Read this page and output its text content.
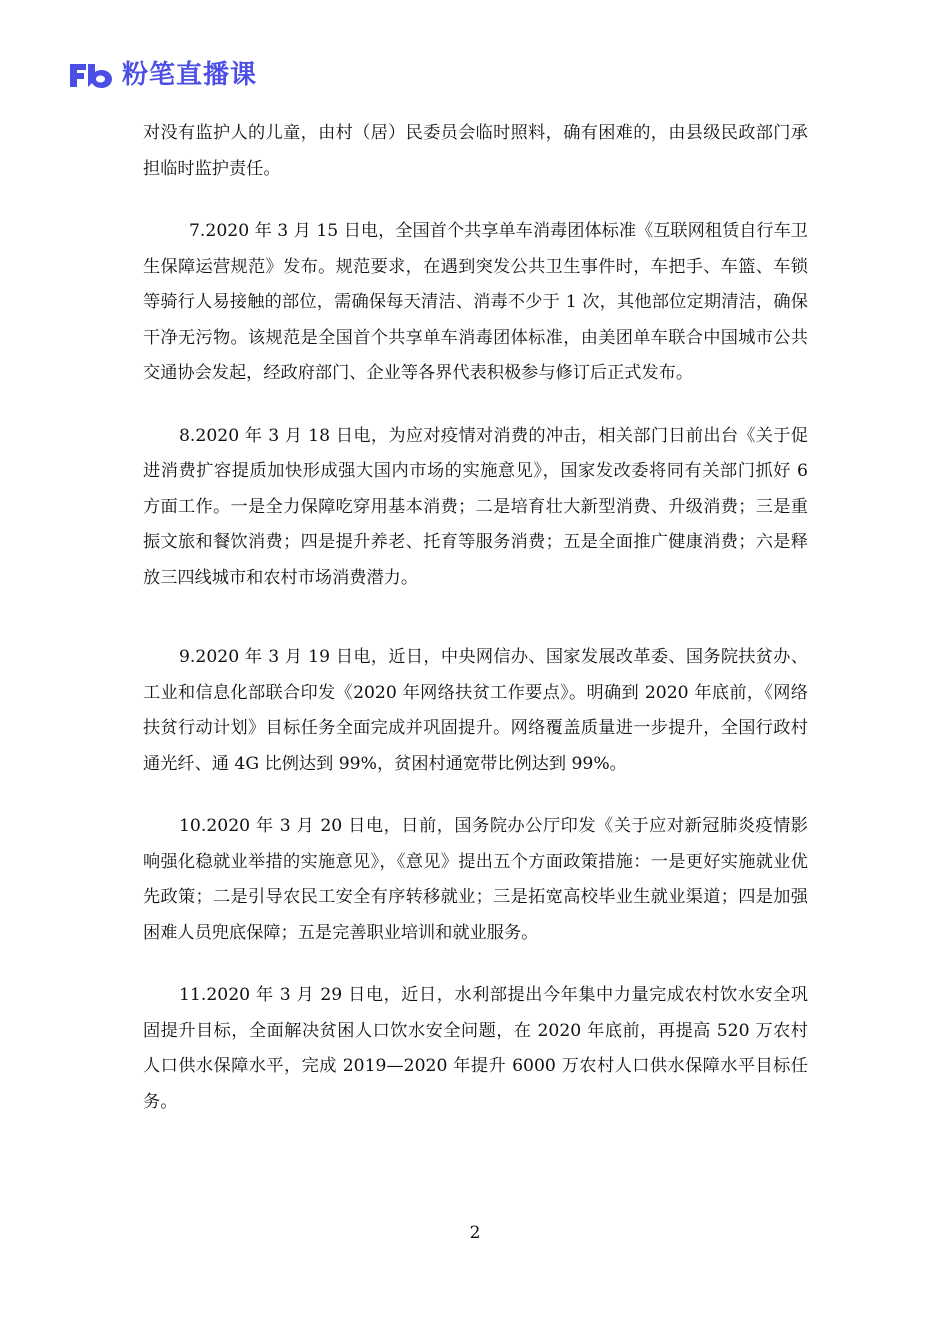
粉笔直播课

对没有监护人的儿童，由村（居）民委员会临时照料，确有困难的，由县级民政部门承担临时监护责任。

7.2020 年 3 月 15 日电，全国首个共享单车消毒团体标准《互联网租赁自行车卫生保障运营规范》发布。规范要求，在遇到突发公共卫生事件时，车把手、车篮、车锁等骑行人易接触的部位，需确保每天清洁、消毒不少于 1 次，其他部位定期清洁，确保干净无污物。该规范是全国首个共享单车消毒团体标准，由美团单车联合中国城市公共交通协会发起，经政府部门、企业等各界代表积极参与修订后正式发布。

8.2020 年 3 月 18 日电，为应对疫情对消费的冲击，相关部门日前出台《关于促进消费扩容提质加快形成强大国内市场的实施意见》，国家发改委将同有关部门抓好 6 方面工作。一是全力保障吃穿用基本消费；二是培育壮大新型消费、升级消费；三是重振文旅和餐饮消费；四是提升养老、托育等服务消费；五是全面推广健康消费；六是释放三四线城市和农村市场消费潜力。

9.2020 年 3 月 19 日电，近日，中央网信办、国家发展改革委、国务院扶贫办、工业和信息化部联合印发《2020 年网络扶贫工作要点》。明确到 2020 年底前，《网络扶贫行动计划》目标任务全面完成并巩固提升。网络覆盖质量进一步提升，全国行政村通光纤、通 4G 比例达到 99%，贫困村通宽带比例达到 99%。

10.2020 年 3 月 20 日电，日前，国务院办公厅印发《关于应对新冠肺炎疫情影响强化稳就业举措的实施意见》，《意见》提出五个方面政策措施：一是更好实施就业优先政策；二是引导农民工安全有序转移就业；三是拓宽高校毕业生就业渠道；四是加强困难人员兜底保障；五是完善职业培训和就业服务。

11.2020 年 3 月 29 日电，近日，水利部提出今年集中力量完成农村饮水安全巩固提升目标，全面解决贫困人口饮水安全问题，在 2020 年底前，再提高 520 万农村人口供水保障水平，完成 2019—2020 年提升 6000 万农村人口供水保障水平目标任务。

2
